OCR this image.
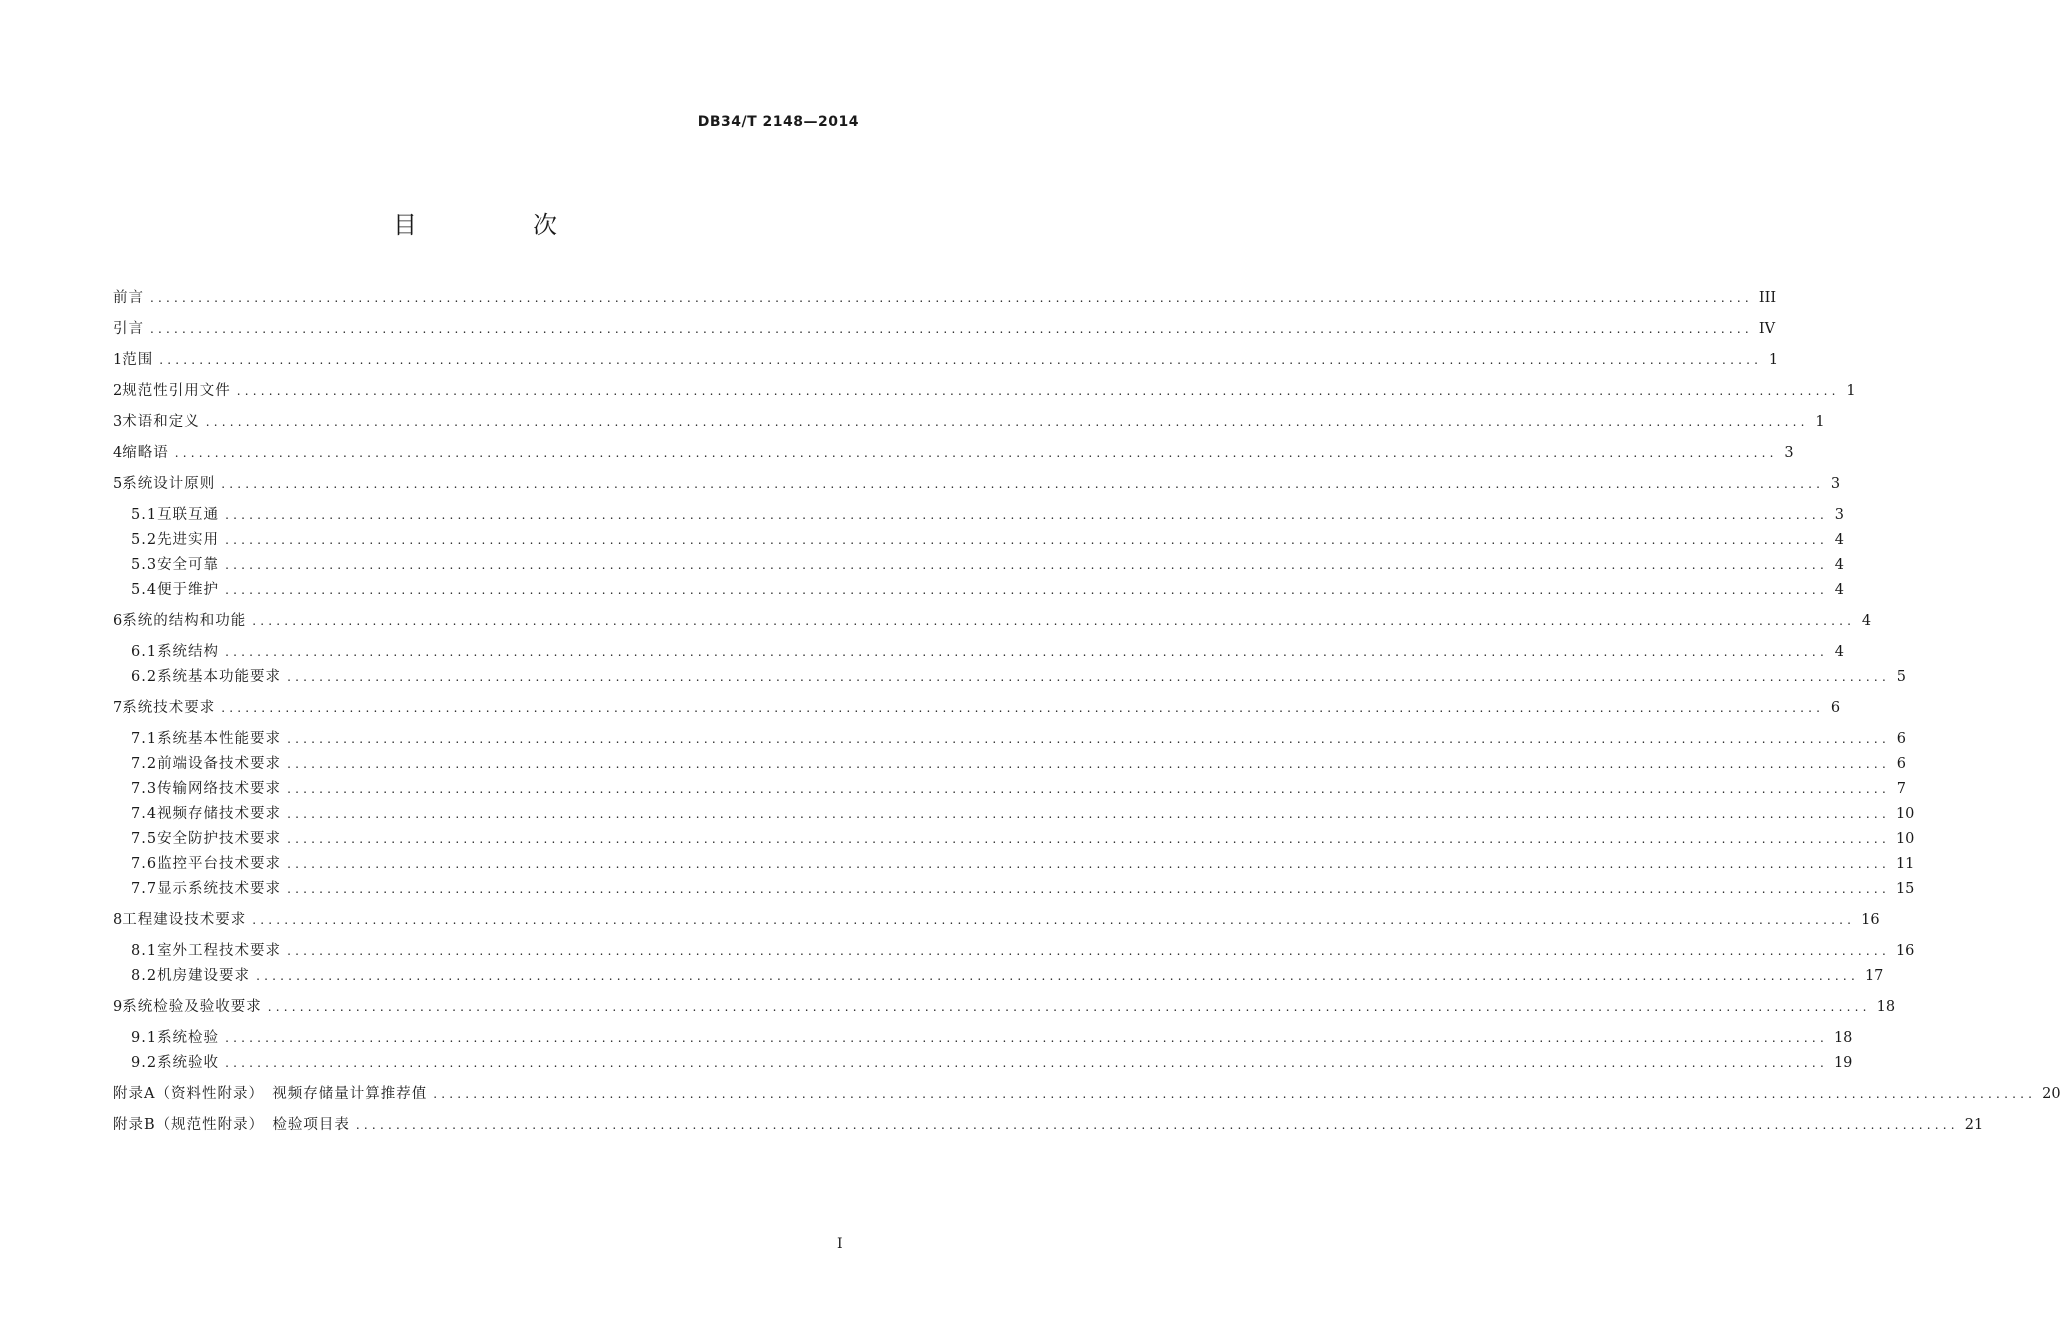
DB34/T 2148—2014
目　次
前言 ........................................................................................................................................................................................................ III
引言 ........................................................................................................................................................................................................ IV
1 范围 ........................................................................................................................................................................................................ 1
2 规范性引用文件 ........................................................................................................................................................................................................ 1
3 术语和定义 ........................................................................................................................................................................................................ 1
4 缩略语 ........................................................................................................................................................................................................ 3
5 系统设计原则 ........................................................................................................................................................................................................ 3
5.1 互联互通 ........................................................................................................................................................................................................ 3
5.2 先进实用 ........................................................................................................................................................................................................ 4
5.3 安全可靠 ........................................................................................................................................................................................................ 4
5.4 便于维护 ........................................................................................................................................................................................................ 4
6 系统的结构和功能 ........................................................................................................................................................................................................ 4
6.1 系统结构 ........................................................................................................................................................................................................ 4
6.2 系统基本功能要求 ........................................................................................................................................................................................................ 5
7 系统技术要求 ........................................................................................................................................................................................................ 6
7.1 系统基本性能要求 ........................................................................................................................................................................................................ 6
7.2 前端设备技术要求 ........................................................................................................................................................................................................ 6
7.3 传输网络技术要求 ........................................................................................................................................................................................................ 7
7.4 视频存储技术要求 ........................................................................................................................................................................................................ 10
7.5 安全防护技术要求 ........................................................................................................................................................................................................ 10
7.6 监控平台技术要求 ........................................................................................................................................................................................................ 11
7.7 显示系统技术要求 ........................................................................................................................................................................................................ 15
8 工程建设技术要求 ........................................................................................................................................................................................................ 16
8.1 室外工程技术要求 ........................................................................................................................................................................................................ 16
8.2 机房建设要求 ........................................................................................................................................................................................................ 17
9 系统检验及验收要求 ........................................................................................................................................................................................................ 18
9.1 系统检验 ........................................................................................................................................................................................................ 18
9.2 系统验收 ........................................................................................................................................................................................................ 19
附录A（资料性附录）　视频存储量计算推荐值 ........................................................................................................................................................................................................ 20
附录B（规范性附录）　检验项目表 ........................................................................................................................................................................................................ 21
I
